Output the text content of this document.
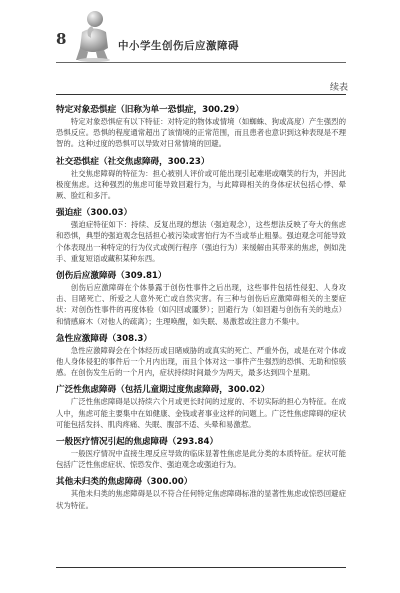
8	中小学生创伤后应激障碍
续表
特定对象恐惧症（旧称为单一恐惧症，300.29）

特定对象恐惧症有以下特征：对特定的物体或情境（如蜘蛛、狗或高度）产生强烈的恐惧反应。恐惧的程度通常超出了该情境的正常范围，而且患者也意识到这种表现是不理智的。这种过度的恐惧可以导致对日常情境的回避。

社交恐惧症（社交焦虑障碍，300.23）

社交焦虑障碍的特征为：担心被别人评价或可能出现引起难堪或嘲笑的行为，并因此极度焦虑。这种强烈的焦虑可能导致回避行为，与此障碍相关的身体症状包括心悸、晕厥、脸红和多汗。

强迫症（300.03）

强迫症特征如下：持续、反复出现的想法（强迫观念），这些想法反映了夸大的焦虑和恐惧，典型的强迫观念包括担心被污染或害怕行为不当或举止粗暴。强迫观念可能导致个体表现出一种特定的行为仪式或例行程序（强迫行为）来缓解由其带来的焦虑，例如洗手、重复短语或藏积某种东西。

创伤后应激障碍（309.81）

创伤后应激障碍在个体暴露于创伤性事件之后出现，这些事件包括性侵犯、人身攻击、目睹死亡、所爱之人意外死亡或自然灾害。有三种与创伤后应激障碍相关的主要症状：对创伤性事件的再度体验（如闪回或噩梦）；回避行为（如回避与创伤有关的地点）和情感麻木（对他人的疏离）；生理唤醒，如失眠、易激惹或注意力不集中。

急性应激障碍（308.3）

急性应激障碍会在个体经历或目睹威胁的或真实的死亡、严重外伤，或是在对个体或他人身体侵犯的事件后一个月内出现，而且个体对这一事件产生强烈的恐惧、无助和惊骇感。在创伤发生后的一个月内，症状持续时间最少为两天，最多达到四个星期。

广泛性焦虑障碍（包括儿童期过度焦虑障碍，300.02）

广泛性焦虑障碍是以持续六个月或更长时间的过度的、不切实际的担心为特征。在成人中，焦虑可能主要集中在如健康、金钱或者事业这样的问题上。广泛性焦虑障碍的症状可能包括发抖、肌肉疼痛、失眠、腹部不适、头晕和易激惹。

一般医疗情况引起的焦虑障碍（293.84）

一般医疗情况中直接生理反应导致的临床显著性焦虑是此分类的本质特征。症状可能包括广泛性焦虑症状、惊恐发作、强迫观念或强迫行为。

其他未归类的焦虑障碍（300.00）

其他未归类的焦虑障碍是以不符合任何特定焦虑障碍标准的显著性焦虑或惊恐回避症状为特征。
